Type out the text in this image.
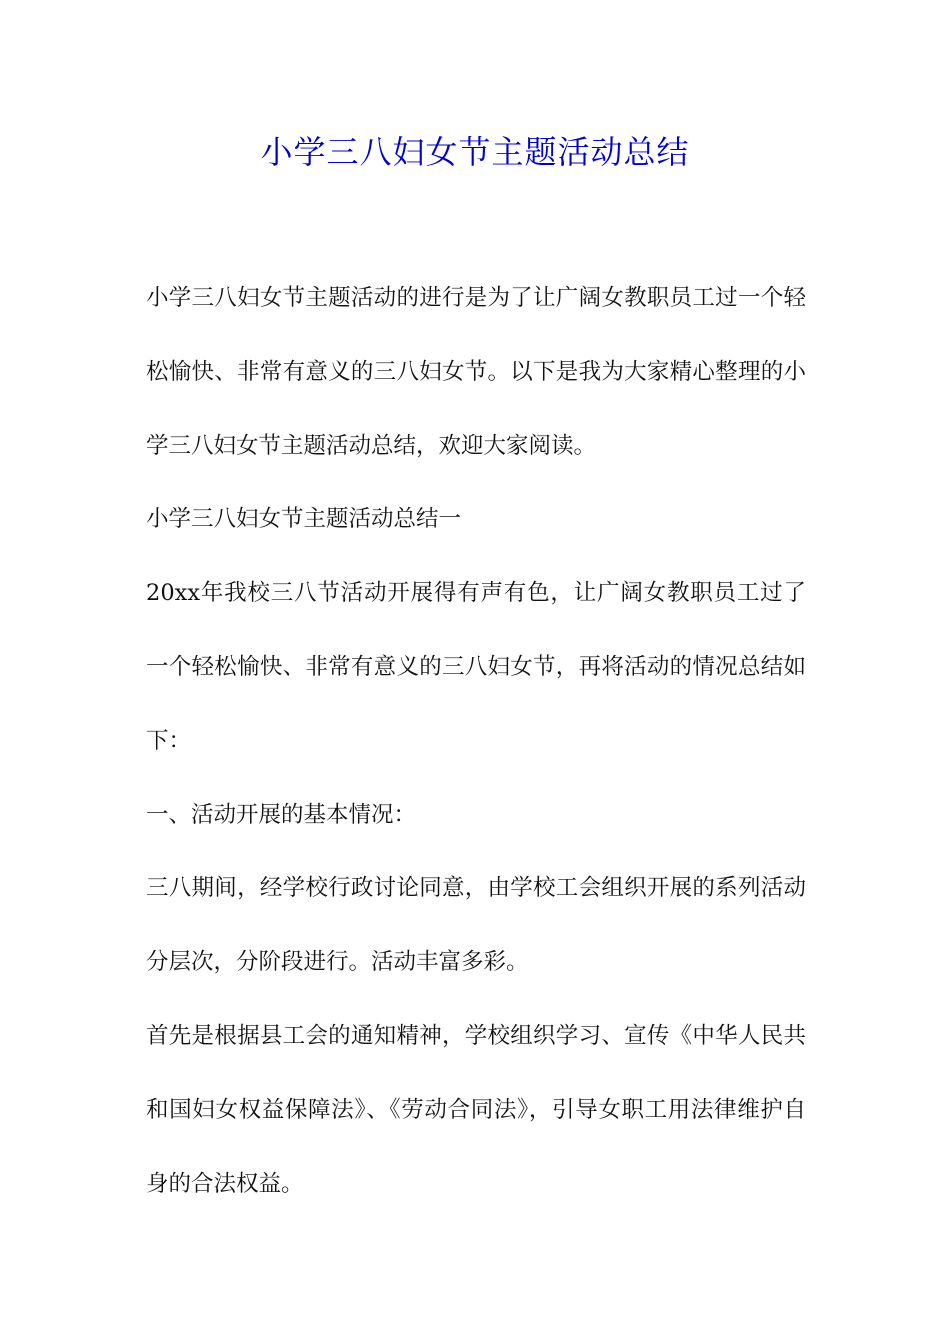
小学三八妇女节主题活动总结

小学三八妇女节主题活动的进行是为了让广阔女教职员工过一个轻松愉快、非常有意义的三八妇女节。以下是我为大家精心整理的小学三八妇女节主题活动总结，欢迎大家阅读。

小学三八妇女节主题活动总结一

20xx年我校三八节活动开展得有声有色，让广阔女教职员工过了一个轻松愉快、非常有意义的三八妇女节，再将活动的情况总结如下：

一、活动开展的基本情况：

三八期间，经学校行政讨论同意，由学校工会组织开展的系列活动分层次，分阶段进行。活动丰富多彩。

首先是根据县工会的通知精神，学校组织学习、宣传《中华人民共和国妇女权益保障法》、《劳动合同法》，引导女职工用法律维护自身的合法权益。
